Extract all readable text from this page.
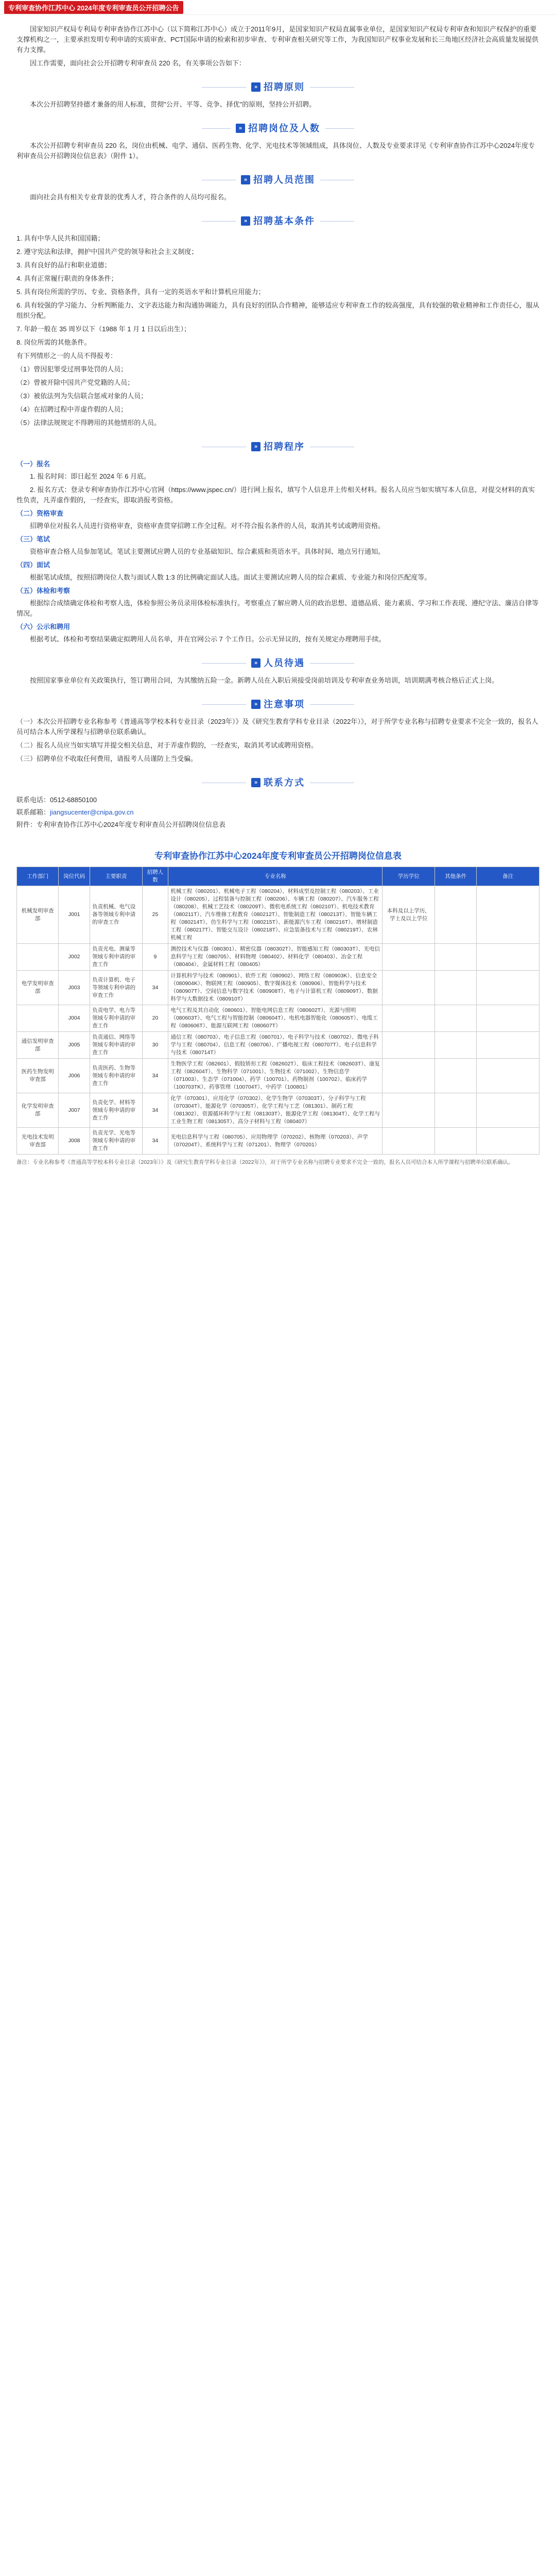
专利审查协作江苏中心 2024年度专利审查员公开招聘公告

国家知识产权局专利局专利审查协作江苏中心（以下简称江苏中心）成立于2011年9月，是国家知识产权局直属事业单位，是国家知识产权局专利审查和知识产权保护的重要支撑机构之一，主要承担发明专利申请的实质审查、PCT国际申请的检索和初步审查、专利审查相关研究等工作，为我国知识产权事业发展和长三角地区经济社会高质量发展提供有力支撑。

因工作需要，面向社会公开招聘专利审查员 220 名，有关事项公告如下：

» 招聘原则

本次公开招聘坚持德才兼备的用人标准，贯彻"公开、平等、竞争、择优"的原则，坚持公开招聘。

» 招聘岗位及人数

本次公开招聘专利审查员 220 名，岗位由机械、电学、通信、医药生物、化学、光电技术等领域组成，具体岗位、人数及专业要求详见《专利审查协作江苏中心2024年度专利审查员公开招聘岗位信息表》（附件 1）。

» 招聘人员范围

面向社会具有相关专业背景的优秀人才，符合条件的人员均可报名。

» 招聘基本条件

1. 具有中华人民共和国国籍；

2. 遵守宪法和法律，拥护中国共产党的领导和社会主义制度；

3. 具有良好的品行和职业道德；

4. 具有正常履行职责的身体条件；

5. 具有岗位所需的学历、专业、资格条件，具有一定的英语水平和计算机应用能力；

6. 具有较强的学习能力、分析判断能力、文字表达能力和沟通协调能力，具有良好的团队合作精神，能够适应专利审查工作的较高强度，具有较强的敬业精神和工作责任心，服从组织分配。

7. 年龄一般在 35 周岁以下（1988 年 1 月 1 日以后出生）；

8. 岗位所需的其他条件。

有下列情形之一的人员不得报考：

（1）曾因犯罪受过刑事处罚的人员；

（2）曾被开除中国共产党党籍的人员；

（3）被依法列为失信联合惩戒对象的人员；

（4）在招聘过程中弄虚作假的人员；

（5）法律法规规定不得聘用的其他情形的人员。

» 招聘程序
（一）报名

1. 报名时间：即日起至 2024 年 6 月底。

2. 报名方式：登录专利审查协作江苏中心官网（https://www.jspec.cn/）进行网上报名，填写个人信息并上传相关材料。报名人员应当如实填写本人信息，对提交材料的真实性负责，凡弄虚作假的，一经查实，即取消报考资格。

（二）资格审查

招聘单位对报名人员进行资格审查，资格审查贯穿招聘工作全过程。对不符合报名条件的人员，取消其考试或聘用资格。

（三）笔试

资格审查合格人员参加笔试。笔试主要测试应聘人员的专业基础知识、综合素质和英语水平。具体时间、地点另行通知。

（四）面试

根据笔试成绩，按照招聘岗位人数与面试人数 1:3 的比例确定面试人选。面试主要测试应聘人员的综合素质、专业能力和岗位匹配度等。

（五）体检和考察

根据综合成绩确定体检和考察人选，体检参照公务员录用体检标准执行。考察重点了解应聘人员的政治思想、道德品质、能力素质、学习和工作表现、遵纪守法、廉洁自律等情况。

（六）公示和聘用

根据考试、体检和考察结果确定拟聘用人员名单，并在官网公示 7 个工作日。公示无异议的，按有关规定办理聘用手续。

» 人员待遇

按照国家事业单位有关政策执行，签订聘用合同，为其缴纳五险一金。新聘人员在入职后须接受岗前培训及专利审查业务培训，培训期满考核合格后正式上岗。

» 注意事项

（一）本次公开招聘专业名称参考《普通高等学校本科专业目录（2023年）》及《研究生教育学科专业目录（2022年）》，对于所学专业名称与招聘专业要求不完全一致的，报名人员可结合本人所学课程与招聘单位联系确认。

（二）报名人员应当如实填写并提交相关信息，对于弄虚作假的，一经查实，取消其考试或聘用资格。

（三）招聘单位不收取任何费用，请报考人员谨防上当受骗。

» 联系方式

联系电话：0512-68850100

联系邮箱：jiangsucenter@cnipa.gov.cn

附件：专利审查协作江苏中心2024年度专利审查员公开招聘岗位信息表

专利审查协作江苏中心2024年度专利审查员公开招聘岗位信息表
工作部门	岗位代码	主要职责	招聘人数	专业名称	学历学位	其他条件	备注
机械发明审查部	J001	负责机械、电气设备等领域专利申请的审查工作	25	机械工程（080201）、机械电子工程（080204）、材料成型及控制工程（080203）、工业设计（080205）、过程装备与控制工程（080206）、车辆工程（080207）、汽车服务工程（080208）、机械工艺技术（080209T）、微机电系统工程（080210T）、机电技术教育（080211T）、汽车维修工程教育（080212T）、智能制造工程（080213T）、智能车辆工程（080214T）、仿生科学与工程（080215T）、新能源汽车工程（080216T）、增材制造工程（080217T）、智能交互设计（080218T）、应急装备技术与工程（080219T）、农林机械工程	本科及以上学历，学士及以上学位		
	J002	负责光电、测量等领域专利申请的审查工作	9	测控技术与仪器（080301）、精密仪器（080302T）、智能感知工程（080303T）、光电信息科学与工程（080705）、材料物理（080402）、材料化学（080403）、冶金工程（080404）、金属材料工程（080405）			
电学发明审查部	J003	负责计算机、电子等领域专利申请的审查工作	34	计算机科学与技术（080901）、软件工程（080902）、网络工程（080903K）、信息安全（080904K）、物联网工程（080905）、数字媒体技术（080906）、智能科学与技术（080907T）、空间信息与数字技术（080908T）、电子与计算机工程（080909T）、数据科学与大数据技术（080910T）			
	J004	负责电学、电力等领域专利申请的审查工作	20	电气工程及其自动化（080601）、智能电网信息工程（080602T）、光源与照明（080603T）、电气工程与智能控制（080604T）、电机电器智能化（080605T）、电缆工程（080606T）、能源互联网工程（080607T）			
通信发明审查部	J005	负责通信、网络等领域专利申请的审查工作	30	通信工程（080703）、电子信息工程（080701）、电子科学与技术（080702）、微电子科学与工程（080704）、信息工程（080706）、广播电视工程（080707T）、电子信息科学与技术（080714T）			
医药生物发明审查部	J006	负责医药、生物等领域专利申请的审查工作	34	生物医学工程（082601）、假肢矫形工程（082602T）、临床工程技术（082603T）、康复工程（082604T）、生物科学（071001）、生物技术（071002）、生物信息学（071003）、生态学（071004）、药学（100701）、药物制剂（100702）、临床药学（100703TK）、药事管理（100704T）、中药学（100801）			
化学发明审查部	J007	负责化学、材料等领域专利申请的审查工作	34	化学（070301）、应用化学（070302）、化学生物学（070303T）、分子科学与工程（070304T）、能源化学（070305T）、化学工程与工艺（081301）、制药工程（081302）、资源循环科学与工程（081303T）、能源化学工程（081304T）、化学工程与工业生物工程（081305T）、高分子材料与工程（080407）			
光电技术发明审查部	J008	负责光学、光电等领域专利申请的审查工作	34	光电信息科学与工程（080705）、应用物理学（070202）、核物理（070203）、声学（070204T）、系统科学与工程（071201）、物理学（070201）			
备注：专业名称参考《普通高等学校本科专业目录（2023年）》及《研究生教育学科专业目录（2022年）》，对于所学专业名称与招聘专业要求不完全一致的，报名人员可结合本人所学课程与招聘单位联系确认。
